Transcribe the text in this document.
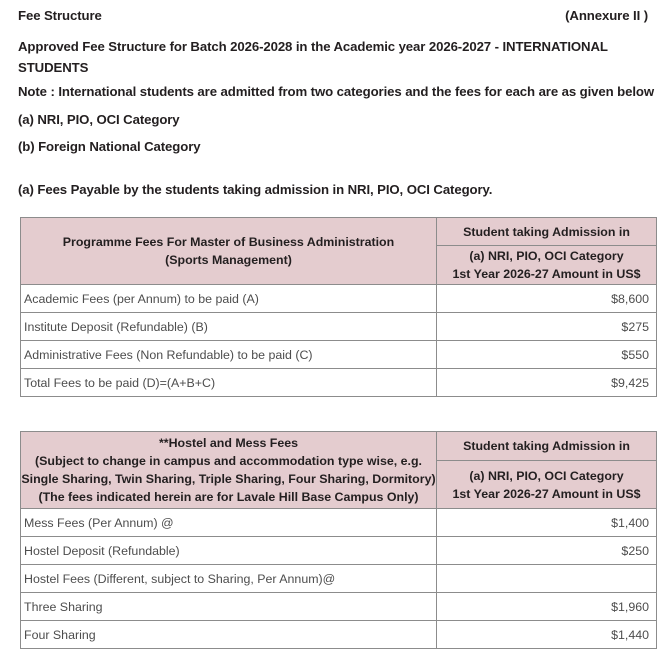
Fee Structure	(Annexure II )
Approved Fee Structure for Batch 2026-2028 in the Academic year 2026-2027 - INTERNATIONAL STUDENTS
Note : International students are admitted from two categories and the fees for each are as given below
(a) NRI, PIO, OCI Category
(b) Foreign National Category
(a) Fees Payable by the students taking admission in NRI, PIO, OCI Category.
Programme Fees For Master of Business Administration
(Sports Management)	Student taking Admission in

	(a) NRI, PIO, OCI Category
1st Year 2026-27 Amount in US$

Academic Fees (per Annum) to be paid (A)	$8,600
Institute Deposit (Refundable) (B)	$275
Administrative Fees (Non Refundable) to be paid (C)	$550
Total Fees to be paid (D)=(A+B+C)	$9,425
**Hostel and Mess Fees
(Subject to change in campus and accommodation type wise, e.g.
Single Sharing, Twin Sharing, Triple Sharing, Four Sharing, Dormitory)
(The fees indicated herein are for Lavale Hill Base Campus Only)	Student taking Admission in

	(a) NRI, PIO, OCI Category
1st Year 2026-27 Amount in US$

Mess Fees (Per Annum) @	$1,400
Hostel Deposit (Refundable)	$250
Hostel Fees (Different, subject to Sharing, Per Annum)@	
Three Sharing	$1,960
Four Sharing	$1,440
